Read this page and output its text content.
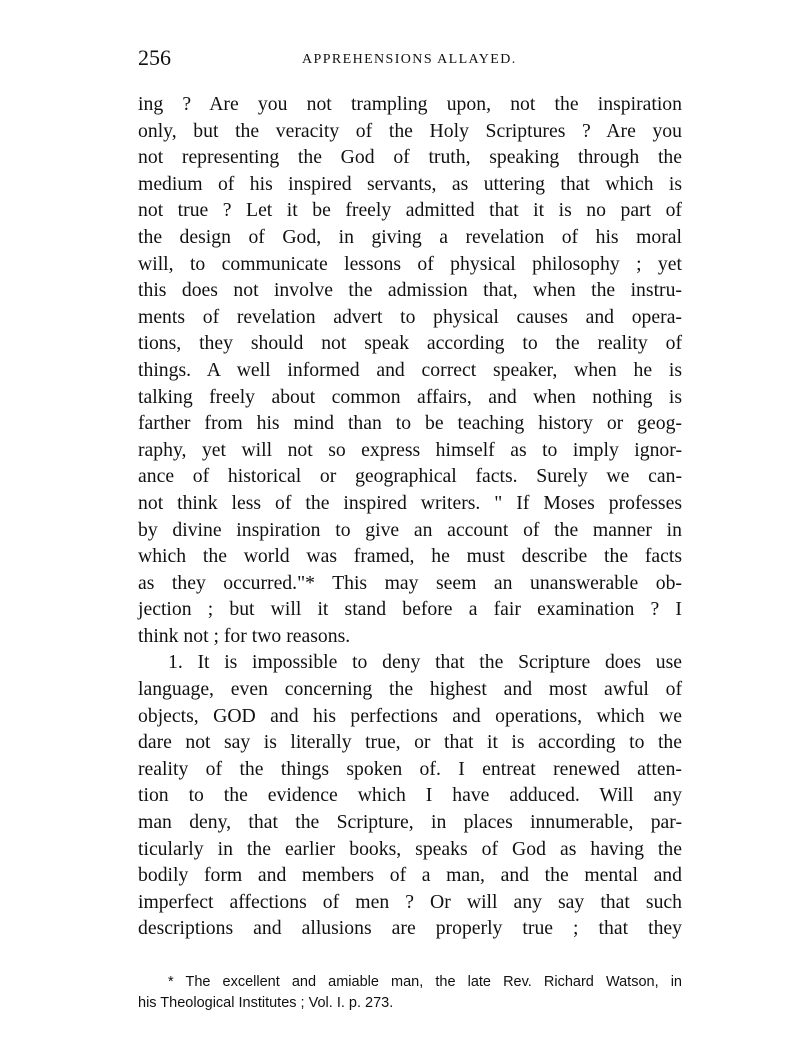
256	APPREHENSIONS ALLAYED.
ing ? Are you not trampling upon, not the inspiration
only, but the veracity of the Holy Scriptures ? Are you
not representing the God of truth, speaking through the
medium of his inspired servants, as uttering that which is
not true ? Let it be freely admitted that it is no part of
the design of God, in giving a revelation of his moral
will, to communicate lessons of physical philosophy ; yet
this does not involve the admission that, when the instru-
ments of revelation advert to physical causes and opera-
tions, they should not speak according to the reality of
things. A well informed and correct speaker, when he is
talking freely about common affairs, and when nothing is
farther from his mind than to be teaching history or geog-
raphy, yet will not so express himself as to imply ignor-
ance of historical or geographical facts. Surely we can-
not think less of the inspired writers. " If Moses professes
by divine inspiration to give an account of the manner in
which the world was framed, he must describe the facts
as they occurred."* This may seem an unanswerable ob-
jection ; but will it stand before a fair examination ? I
think not ; for two reasons.
1. It is impossible to deny that the Scripture does use
language, even concerning the highest and most awful of
objects, GOD and his perfections and operations, which we
dare not say is literally true, or that it is according to the
reality of the things spoken of. I entreat renewed atten-
tion to the evidence which I have adduced. Will any
man deny, that the Scripture, in places innumerable, par-
ticularly in the earlier books, speaks of God as having the
bodily form and members of a man, and the mental and
imperfect affections of men ? Or will any say that such
descriptions and allusions are properly true ; that they
* The excellent and amiable man, the late Rev. Richard Watson, in
his Theological Institutes ; Vol. I. p. 273.
